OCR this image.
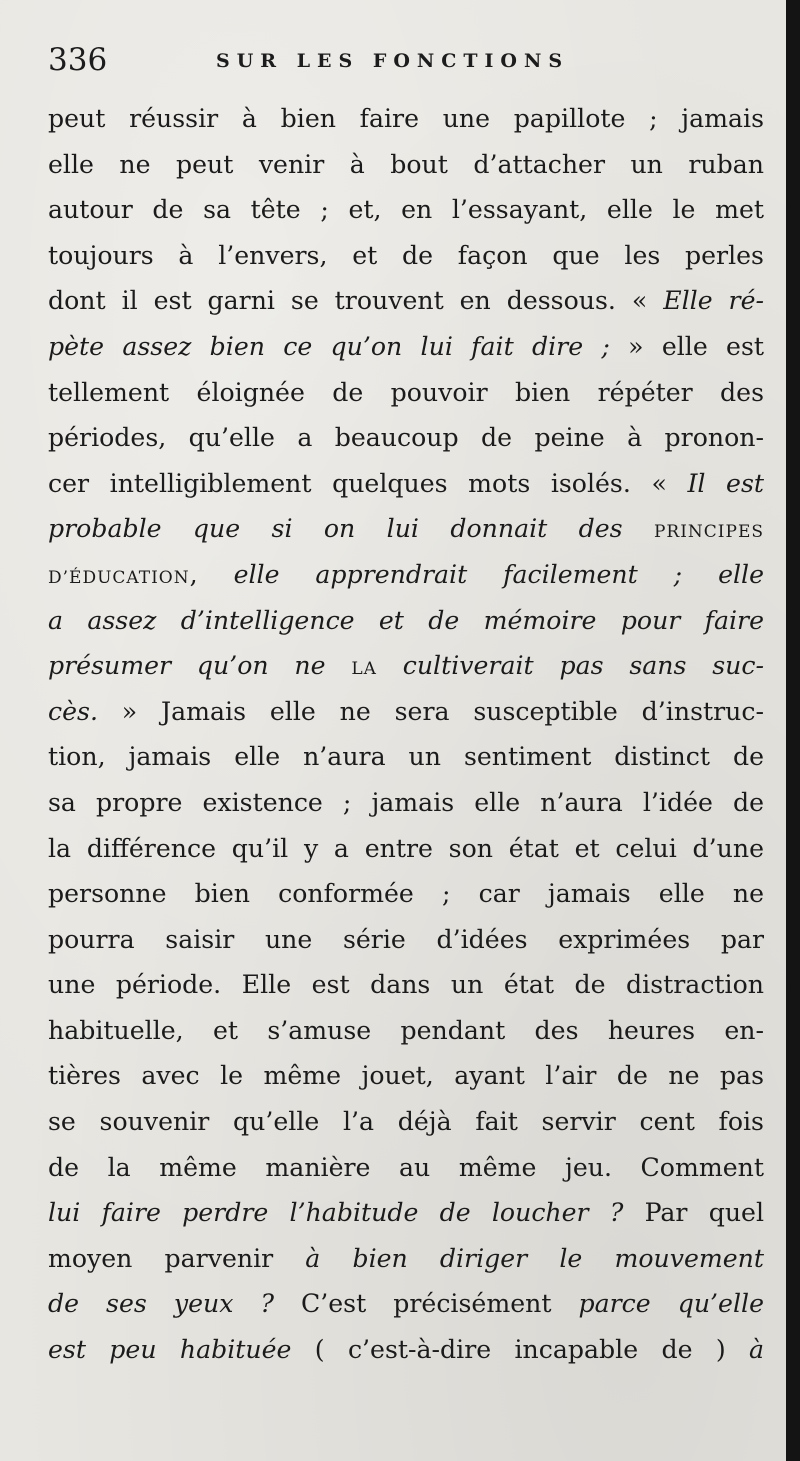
336	SUR LES FONCTIONS
peut réussir à bien faire une papillote ; jamais
elle ne peut venir à bout d’attacher un ruban
autour de sa tête ; et, en l’essayant, elle le met
toujours à l’envers, et de façon que les perles
dont il est garni se trouvent en dessous. « Elle ré-
pète assez bien ce qu’on lui fait dire ; » elle est
tellement éloignée de pouvoir bien répéter des
périodes, qu’elle a beaucoup de peine à pronon-
cer intelligiblement quelques mots isolés. « Il est
probable que si on lui donnait des PRINCIPES
D’ÉDUCATION, elle apprendrait facilement ; elle
a assez d’intelligence et de mémoire pour faire
présumer qu’on ne LA cultiverait pas sans suc-
cès. » Jamais elle ne sera susceptible d’instruc-
tion, jamais elle n’aura un sentiment distinct de
sa propre existence ; jamais elle n’aura l’idée de
la différence qu’il y a entre son état et celui d’une
personne bien conformée ; car jamais elle ne
pourra saisir une série d’idées exprimées par
une période. Elle est dans un état de distraction
habituelle, et s’amuse pendant des heures en-
tières avec le même jouet, ayant l’air de ne pas
se souvenir qu’elle l’a déjà fait servir cent fois
de la même manière au même jeu. Comment
lui faire perdre l’habitude de loucher ? Par quel
moyen parvenir à bien diriger le mouvement
de ses yeux ? C’est précisément parce qu’elle
est peu habituée ( c’est-à-dire incapable de ) à
